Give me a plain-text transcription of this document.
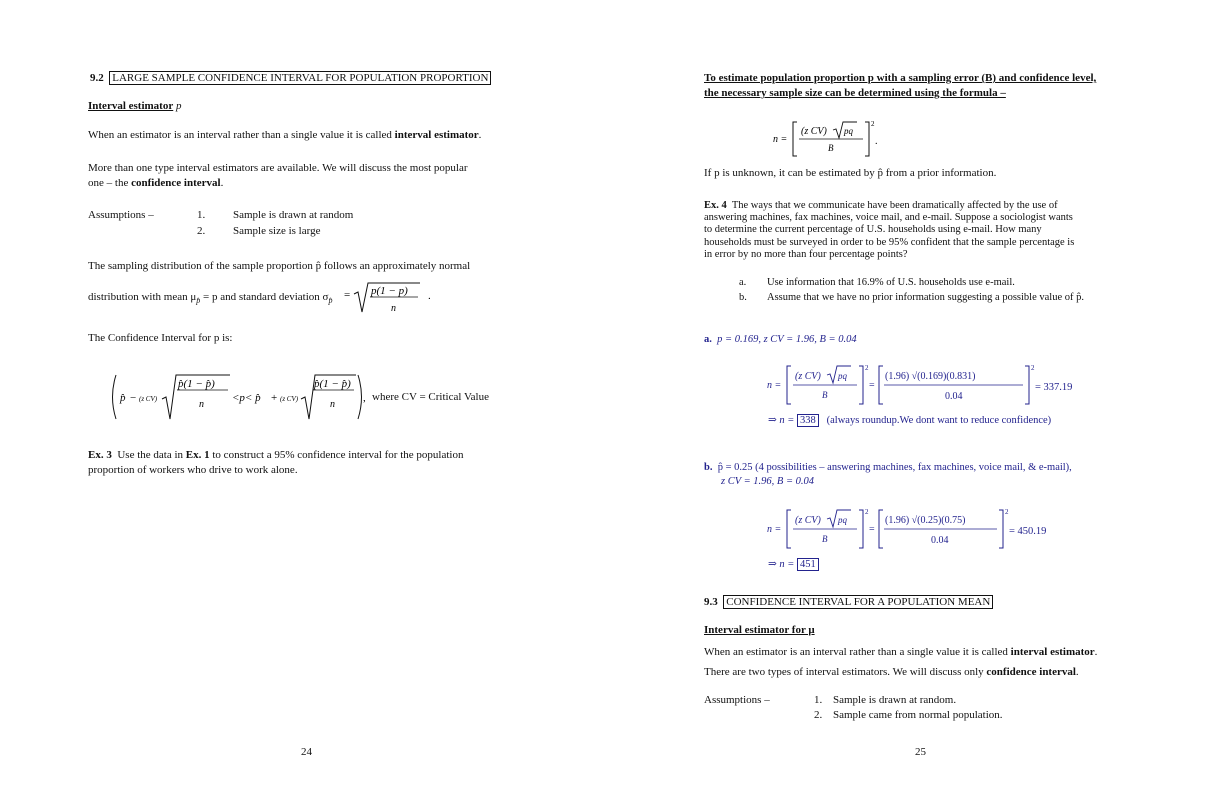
9.2 LARGE SAMPLE CONFIDENCE INTERVAL FOR POPULATION PROPORTION
Interval estimator p
When an estimator is an interval rather than a single value it is called interval estimator.
More than one type interval estimators are available. We will discuss the most popular
one – the confidence interval.
Assumptions –	1.	Sample is drawn at random
2.	Sample size is large
The sampling distribution of the sample proportion p̂ follows an approximately normal
distribution with mean $\mu_{p̂} = p$ and standard deviation $\sigma_{p̂} = p(1 - p)$
n
.
The Confidence Interval for p is:
p̂ − (z CV)
p̂(1 − p̂)
n
<p< p̂ + (z CV)
p̂(1 − p̂)
n
, where CV = Critical Value
Ex. 3 Use the data in Ex. 1 to construct a 95% confidence interval for the population
proportion of workers who drive to work alone.
24
To estimate population proportion p with a sampling error (B) and confidence level,
the necessary sample size can be determined using the formula –
n =
(z CV) pq
B
2
.
If p is unknown, it can be estimated by p̂ from a prior information.
Ex. 4 The ways that we communicate have been dramatically affected by the use of
answering machines, fax machines, voice mail, and e-mail. Suppose a sociologist wants
to determine the current percentage of U.S. households using e-mail. How many
households must be surveyed in order to be 95% confident that the sample percentage is
in error by no more than four percentage points?
a. Use information that 16.9% of U.S. households use e-mail.
b. Assume that we have no prior information suggesting a possible value of p̂.
a. p = 0.169, z CV = 1.96, B = 0.04
n =
(z CV) pq
B
2
=
(1.96) √(0.169)(0.831)
0.04
2
= 337.19
⇒ n = 338 (always roundup.We dont want to reduce confidence)
b. p̂ = 0.25 (4 possibilities – answering machines, fax machines, voice mail, & e-mail),
z CV = 1.96, B = 0.04
n =
(z CV) pq
B
2
=
(1.96) √(0.25)(0.75)
0.04
2
= 450.19
⇒ n = 451
9.3 CONFIDENCE INTERVAL FOR A POPULATION MEAN
Interval estimator for μ
When an estimator is an interval rather than a single value it is called interval estimator.
There are two types of interval estimators. We will discuss only confidence interval.
Assumptions –	1. Sample is drawn at random.
2. Sample came from normal population.
25
